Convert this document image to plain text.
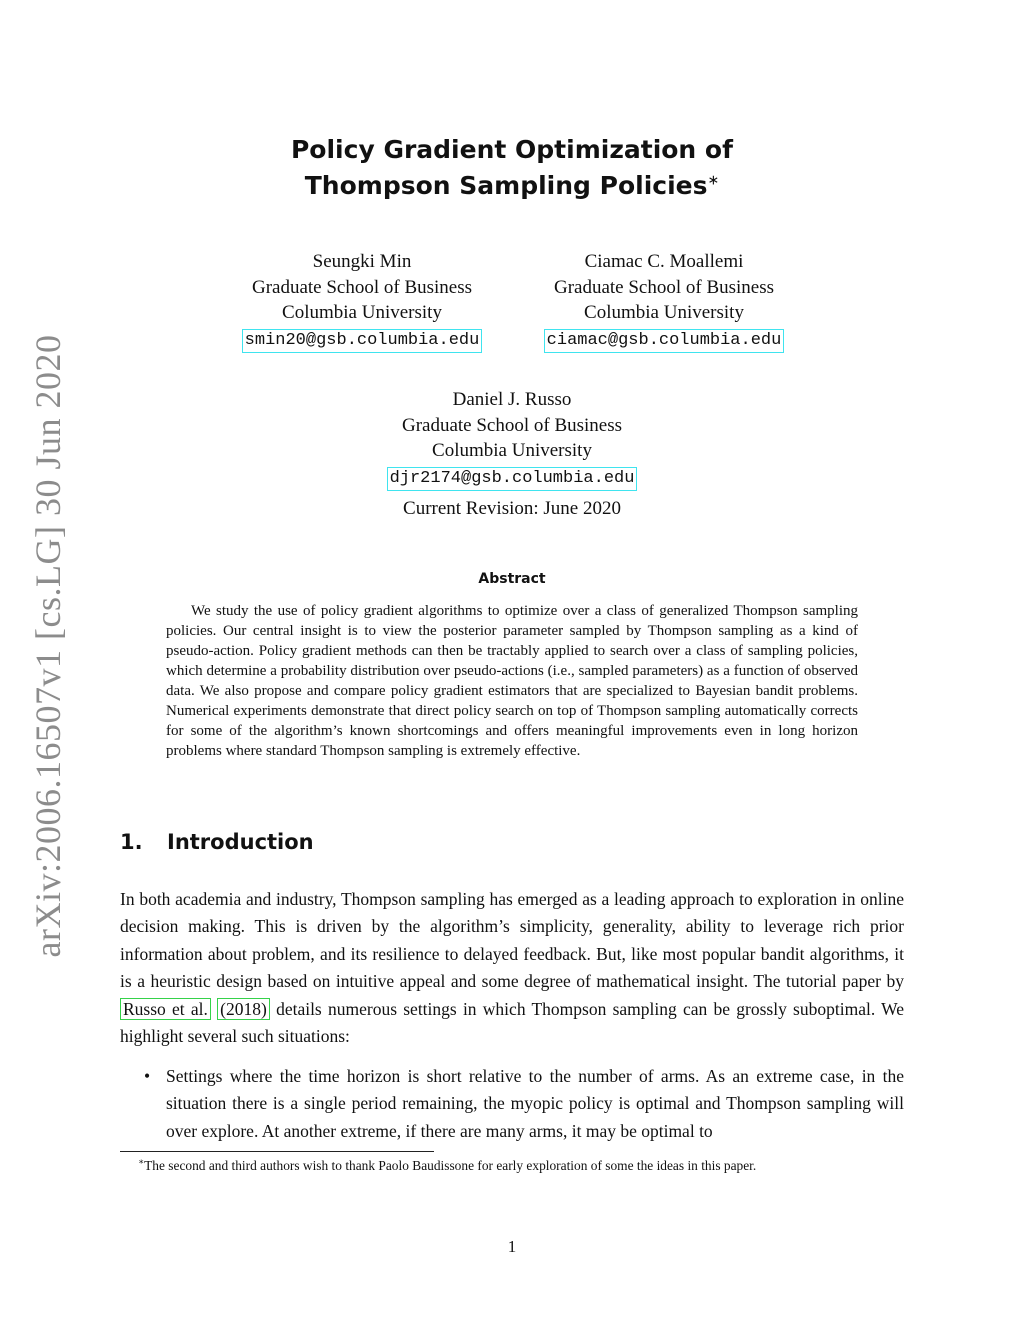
arXiv:2006.16507v1 [cs.LG] 30 Jun 2020
Policy Gradient Optimization of
Thompson Sampling Policies∗
Seungki Min
Graduate School of Business
Columbia University
smin20@gsb.columbia.edu
Ciamac C. Moallemi
Graduate School of Business
Columbia University
ciamac@gsb.columbia.edu
Daniel J. Russo
Graduate School of Business
Columbia University
djr2174@gsb.columbia.edu
Current Revision: June 2020
Abstract
We study the use of policy gradient algorithms to optimize over a class of generalized Thompson sampling policies. Our central insight is to view the posterior parameter sampled by Thompson sampling as a kind of pseudo-action. Policy gradient methods can then be tractably applied to search over a class of sampling policies, which determine a probability distribution over pseudo-actions (i.e., sampled parameters) as a function of observed data. We also propose and compare policy gradient estimators that are specialized to Bayesian bandit problems. Numerical experiments demonstrate that direct policy search on top of Thompson sampling automatically corrects for some of the algorithm’s known shortcomings and offers meaningful improvements even in long horizon problems where standard Thompson sampling is extremely effective.
1. Introduction
In both academia and industry, Thompson sampling has emerged as a leading approach to exploration in online decision making. This is driven by the algorithm’s simplicity, generality, ability to leverage rich prior information about problem, and its resilience to delayed feedback. But, like most popular bandit algorithms, it is a heuristic design based on intuitive appeal and some degree of mathematical insight. The tutorial paper by Russo et al. (2018) details numerous settings in which Thompson sampling can be grossly suboptimal. We highlight several such situations:
• Settings where the time horizon is short relative to the number of arms. As an extreme case, in the situation there is a single period remaining, the myopic policy is optimal and Thompson sampling will over explore. At another extreme, if there are many arms, it may be optimal to
∗The second and third authors wish to thank Paolo Baudissone for early exploration of some the ideas in this paper.
1
